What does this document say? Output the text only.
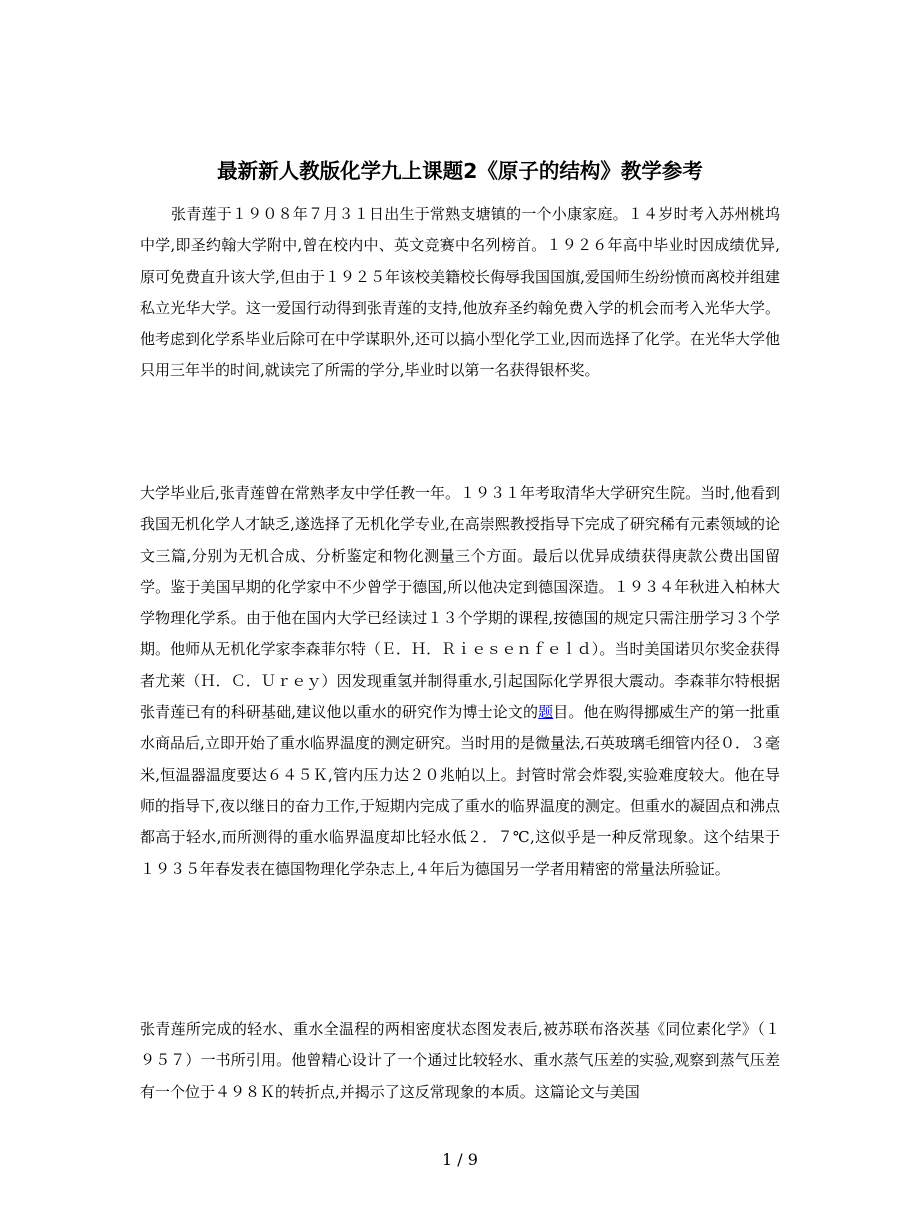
最新新人教版化学九上课题2《原子的结构》教学参考

张青莲于１９０８年７月３１日出生于常熟支塘镇的一个小康家庭。１４岁时考入苏州桃坞中学,即圣约翰大学附中,曾在校内中、英文竞赛中名列榜首。１９２６年高中毕业时因成绩优异,原可免费直升该大学,但由于１９２５年该校美籍校长侮辱我国国旗,爱国师生纷纷愤而离校并组建私立光华大学。这一爱国行动得到张青莲的支持,他放弃圣约翰免费入学的机会而考入光华大学。他考虑到化学系毕业后除可在中学谋职外,还可以搞小型化学工业,因而选择了化学。在光华大学他只用三年半的时间,就读完了所需的学分,毕业时以第一名获得银杯奖。

大学毕业后,张青莲曾在常熟孝友中学任教一年。１９３１年考取清华大学研究生院。当时,他看到我国无机化学人才缺乏,遂选择了无机化学专业,在高崇熙教授指导下完成了研究稀有元素领域的论文三篇,分别为无机合成、分析鉴定和物化测量三个方面。最后以优异成绩获得庚款公费出国留学。鉴于美国早期的化学家中不少曾学于德国,所以他决定到德国深造。１９３４年秋进入柏林大学物理化学系。由于他在国内大学已经读过１３个学期的课程,按德国的规定只需注册学习３个学期。他师从无机化学家李森菲尔特（Ｅ．Ｈ．Ｒｉｅｓｅｎｆｅｌｄ）。当时美国诺贝尔奖金获得者尤莱（Ｈ．Ｃ．Ｕｒｅｙ）因发现重氢并制得重水,引起国际化学界很大震动。李森菲尔特根据张青莲已有的科研基础,建议他以重水的研究作为博士论文的题目。他在购得挪威生产的第一批重水商品后,立即开始了重水临界温度的测定研究。当时用的是微量法,石英玻璃毛细管内径０．３毫米,恒温器温度要达６４５Ｋ,管内压力达２０兆帕以上。封管时常会炸裂,实验难度较大。他在导师的指导下,夜以继日的奋力工作,于短期内完成了重水的临界温度的测定。但重水的凝固点和沸点都高于轻水,而所测得的重水临界温度却比轻水低２．７℃,这似乎是一种反常现象。这个结果于１９３５年春发表在德国物理化学杂志上,４年后为德国另一学者用精密的常量法所验证。

张青莲所完成的轻水、重水全温程的两相密度状态图发表后,被苏联布洛茨基《同位素化学》（１９５７）一书所引用。他曾精心设计了一个通过比较轻水、重水蒸气压差的实验,观察到蒸气压差有一个位于４９８Ｋ的转折点,并揭示了这反常现象的本质。这篇论文与美国

1 / 9
